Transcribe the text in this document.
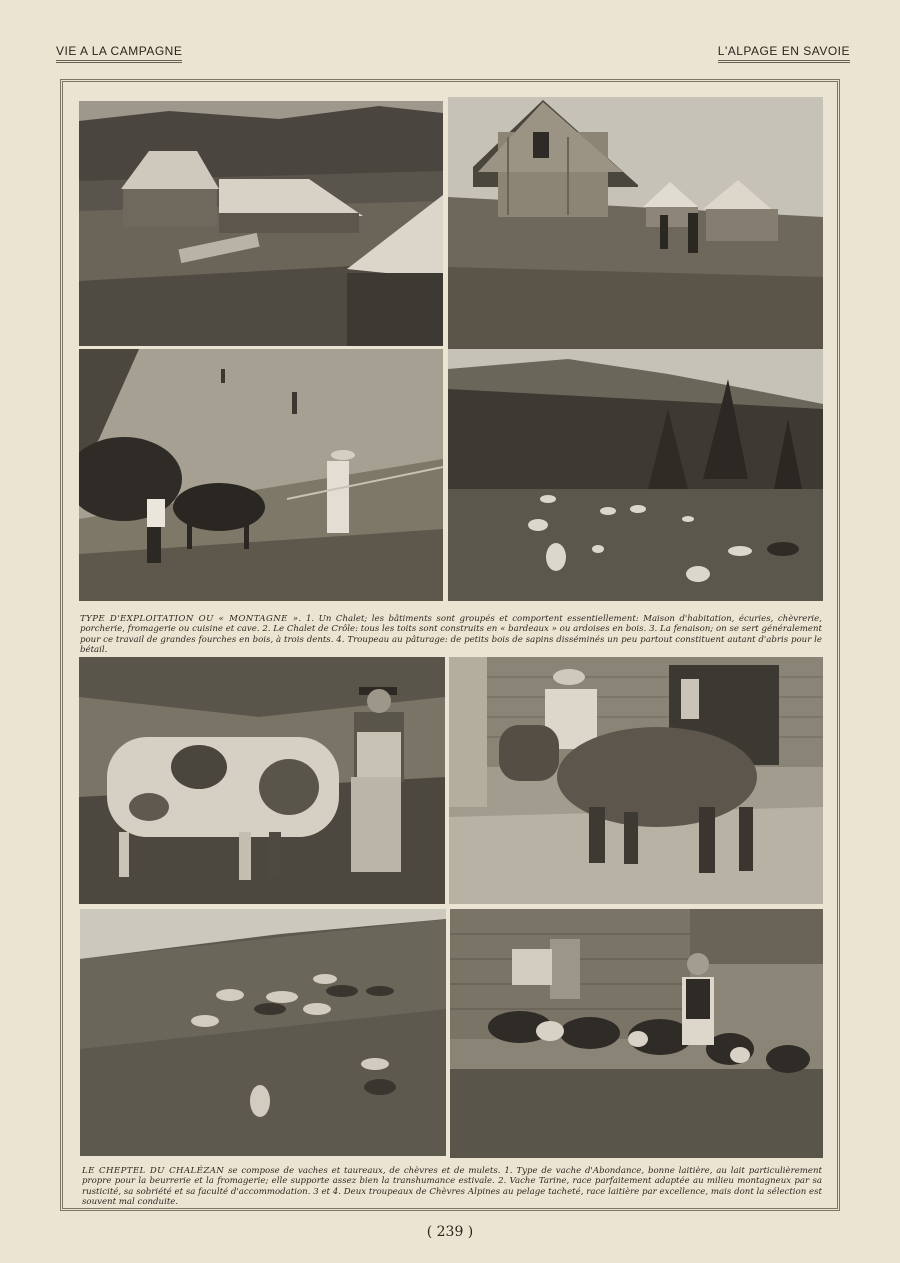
VIE A LA CAMPAGNE	L'ALPAGE EN SAVOIE
TYPE D'EXPLOITATION OU « MONTAGNE ». 1. Un Chalet; les bâtiments sont groupés et comportent essentiellement: Maison d'habitation, écuries, chèvrerie, porcherie, fromagerie ou cuisine et cave. 2. Le Chalet de Crôle: tous les toits sont construits en « bardeaux » ou ardoises en bois. 3. La fenaison; on se sert généralement pour ce travail de grandes fourches en bois, à trois dents. 4. Troupeau au pâturage: de petits bois de sapins disséminés un peu partout constituent autant d'abris pour le bétail.
LE CHEPTEL DU CHALÉZAN se compose de vaches et taureaux, de chèvres et de mulets. 1. Type de vache d'Abondance, bonne laitière, au lait particulièrement propre pour la beurrerie et la fromagerie; elle supporte assez bien la transhumance estivale. 2. Vache Tarine, race parfaitement adaptée au milieu montagneux par sa rusticité, sa sobriété et sa faculté d'accommodation. 3 et 4. Deux troupeaux de Chèvres Alpines au pelage tacheté, race laitière par excellence, mais dont la sélection est souvent mal conduite.
( 239 )
